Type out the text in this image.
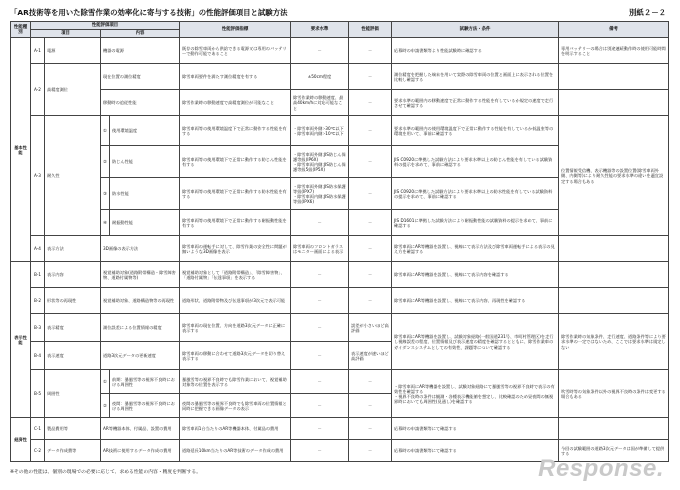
「AR技術等を用いた除雪作業の効率化に寄与する技術」の性能評価項目と試験方法	別紙２－２
性能種別	性能評価項目				性能評価指標	要求水準	性能評価	試験方法・条件	備考
	項目		内容						
基本性能	A-1	電源	機器の電源		既存の除雪車両から供給できる電源又は専用のバッテリーで動作可能であること	－	－	応募時の申請書類等より性能試験時に確認する	専用バッテリーの場合は別途連続動作時の使用可能時間を明示すること
	A-2	高精度測位	現在位置の測位精度		除雪車両要件を満たす測位精度を有する	±50cm程度	－	測位精度を把握した端末を用いて実際の除雪車両の位置と画面上に表示される位置を比較し確認する	
			移動時の追従性能		除雪作業時の移動速度で高精度測位が可能なこと	除雪作業時の移動速度、最高40km/hに対応可能なこと	－	要求水準の範囲内の移動速度で正常に動作する性能を有しているか規定の速度で走行させて確認する	
	A-3	耐久性	①	使用環境温度	除雪車両等の使用環境温度下で正常に動作する性能を有する	・除雪車両外側:-30℃以下
・除雪車両内側:-10℃以下	－	要求水準の範囲内の使用環境温度下で正常に動作する性能を有しているか低温室等の環境を用いて、事前に確認する	位置情報受信機、表示機器等の設置位置(除雪車両外側、内側等)により耐久性能の要求水準の違いを適宜設定する場合もある
			②	防じん性能	除雪車両等の使用環境下で正常に動作する防じん性能を有する	・除雪車両外側:JIS防じん保護等級(IP6X)
・除雪車両内側:JIS防じん保護等級5級(IP5X)	－	JIS C0920に準拠した試験方法により要求水準以上の防じん性能を有している試験資料の提示を求めて、事前に確認する	
			③	防水性能	除雪車両等の使用環境下で正常に動作する防水性能を有する	・除雪車両外側:JIS防水保護等級(IPX7)
・除雪車両内側:JIS防水保護等級(IPX6)	－	JIS C0920に準拠した試験方法により要求水準以上の防水性能を有している試験資料の提示を求めて、事前に確認する	
			④	耐振動性能	除雪車両等の使用環境下で正常に動作する耐振動性能を有する	－	－	JIS D1601に準拠した試験方法により耐振動性能の試験資料の提示を求めて、事前に確認する	
	A-4	表示方法	3D画像の表示方法		除雪車両の運転手に対して、除雪作業の安全性に問題が無いような3D画像を表示	除雪車両のフロントガラスはモニター画面による表示	－	除雪車両にAR等機器を設置し、視線にて表示方法及び除雪車両運転手による表示の見え方を確認する	
表示性能	B-1	表示内容	視覚補助対象(道路附帯構造・除雪障害物、道路付属物等)		視覚補助対象として「道路附帯構造」、「除雪障害物」、「道路付属物」「伝達事項」を表示する	－	－	除雪車両にAR等機器を設置し、視線にて表示内容を確認する	
	B-2	形状等の再現性	視覚補助対象、道路構造物等の再現性		道路形状、道路附帯物及び伝達事項が3次元で表示可能	－	－	除雪車両にAR等機器を設置し、視線にて表示内容、再現性を確認する	
	B-3	表示精度	測位誤差による位置情報の精度		除雪車両の現在位置、方向を道路3次元データに正確に表示する	－	誤差が小さいほど高評価	除雪車両にAR等機器を設置し、試験対象経路(一般国道231号、市町村管理区)を走行し視線誤差の程度、位置情報及び表示速度の精度を確認するとともに、除雪作業車のガイダンスシステムとしての有効性、課題等について確認する	除雪作業時の気象条件、走行速度、道路条件等により要求水準の一定ではないため、ここでは要求水準は規定しない
	B-4	表示速度	道路3次元データの更新速度		除雪車両の移動に合わせて道路3次元データを切り替え表示する	－	表示速度が速いほど高評価		
	B-5	周囲性	①	前期：暴風雪等の視界不良時における周囲性	暴風雪等の視界不良時でも除雪作業において、視覚補助対象等の位置を表示する	－	－	・除雪車両にAR等機器を設置し、試験対象経路にて暴風雪等の視界不良時で表示の有効性を確認する
・視界不良時の条件は観測・各種表示機能値を想定し、比較確認のため昼夜間の無視界時においても周囲性(見通し)を確認する	吹雪時等の気象条件以外の視界不良時の条件は変更する場合もある
			②	夜間：暴風雪等の視界不良時における周囲性	夜間の暴風雪等の視界不良時でも除雪車両の位置情報と同時に把握できる画像データの表示	－	－		
経済性	C-1	製品費用等	AR等機器本体、付属品、設置の費用		除雪車両1台当たりのAR等機器本体、付属品の費用	－	－	応募時の申請書類等にて確認する	
	C-2	データ作成費等	AR技術に使用するデータ作成の費用		道路延長10km当たりのAR等技術のデータ作成の費用	－	－	応募時の申請書類等にて確認する	今回の試験範囲の道路3次元データは国が準備して提供する
※その他の性能は、個別の現場での必要に応じて、求める性能の内容・精度を判断する。	Response.
